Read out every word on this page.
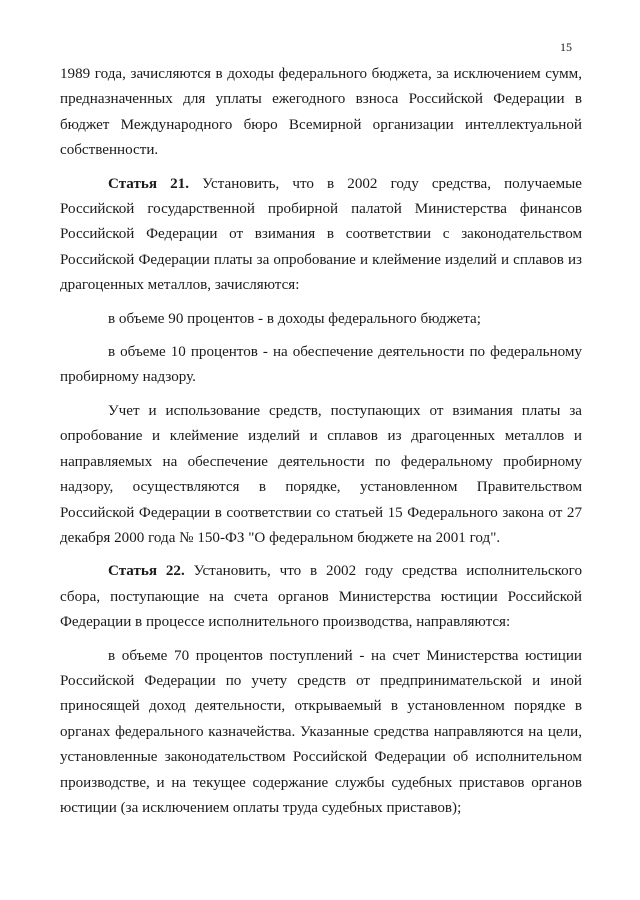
15

1989 года, зачисляются в доходы федерального бюджета, за исключением сумм, предназначенных для уплаты ежегодного взноса Российской Федерации в бюджет Международного бюро Всемирной организации интеллектуальной собственности.

Статья 21. Установить, что в 2002 году средства, получаемые Российской государственной пробирной палатой Министерства финансов Российской Федерации от взимания в соответствии с законодательством Российской Федерации платы за опробование и клеймение изделий и сплавов из драгоценных металлов, зачисляются:

в объеме 90 процентов - в доходы федерального бюджета;

в объеме 10 процентов - на обеспечение деятельности по федеральному пробирному надзору.

Учет и использование средств, поступающих от взимания платы за опробование и клеймение изделий и сплавов из драгоценных металлов и направляемых на обеспечение деятельности по федеральному пробирному надзору, осуществляются в порядке, установленном Правительством Российской Федерации в соответствии со статьей 15 Федерального закона от 27 декабря 2000 года № 150-ФЗ "О федеральном бюджете на 2001 год".

Статья 22. Установить, что в 2002 году средства исполнительского сбора, поступающие на счета органов Министерства юстиции Российской Федерации в процессе исполнительного производства, направляются:

в объеме 70 процентов поступлений - на счет Министерства юстиции Российской Федерации по учету средств от предпринимательской и иной приносящей доход деятельности, открываемый в установленном порядке в органах федерального казначейства. Указанные средства направляются на цели, установленные законодательством Российской Федерации об исполнительном производстве, и на текущее содержание службы судебных приставов органов юстиции (за исключением оплаты труда судебных приставов);
